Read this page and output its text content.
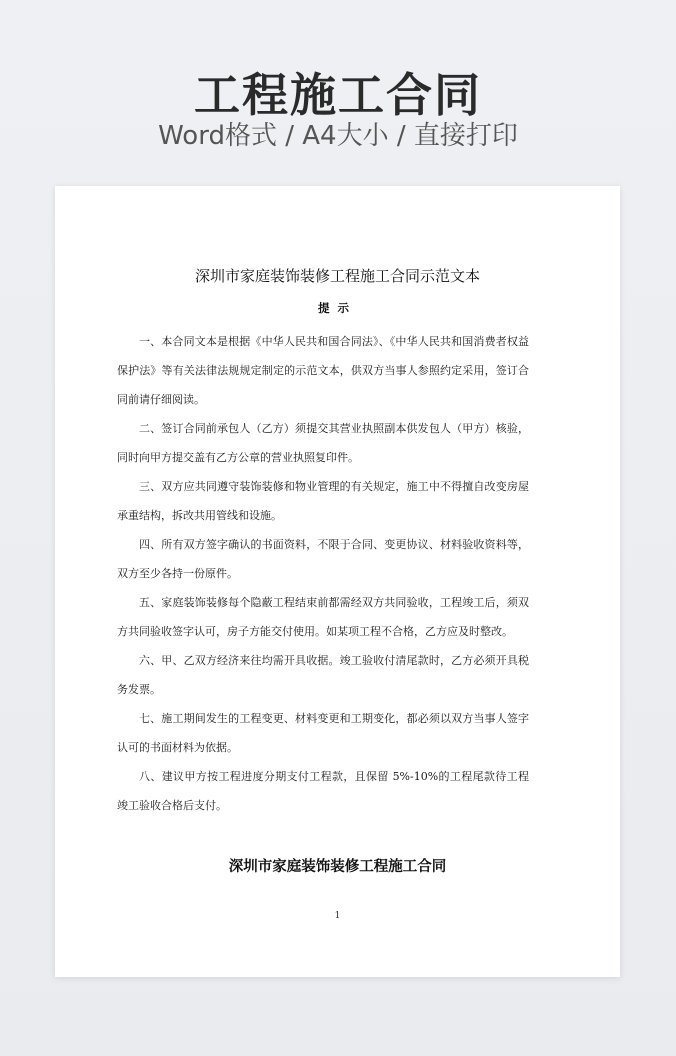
工程施工合同
Word格式 / A4大小 / 直接打印
深圳市家庭装饰装修工程施工合同示范文本
提示

一、本合同文本是根据《中华人民共和国合同法》、《中华人民共和国消费者权益保护法》等有关法律法规规定制定的示范文本，供双方当事人参照约定采用，签订合同前请仔细阅读。

二、签订合同前承包人（乙方）须提交其营业执照副本供发包人（甲方）核验，同时向甲方提交盖有乙方公章的营业执照复印件。

三、双方应共同遵守装饰装修和物业管理的有关规定，施工中不得擅自改变房屋承重结构，拆改共用管线和设施。

四、所有双方签字确认的书面资料，不限于合同、变更协议、材料验收资料等，双方至少各持一份原件。

五、家庭装饰装修每个隐蔽工程结束前都需经双方共同验收，工程竣工后，须双方共同验收签字认可，房子方能交付使用。如某项工程不合格，乙方应及时整改。

六、甲、乙双方经济来往均需开具收据。竣工验收付清尾款时，乙方必须开具税务发票。

七、施工期间发生的工程变更、材料变更和工期变化，都必须以双方当事人签字认可的书面材料为依据。

八、建议甲方按工程进度分期支付工程款，且保留 5%-10%的工程尾款待工程竣工验收合格后支付。

深圳市家庭装饰装修工程施工合同
1
